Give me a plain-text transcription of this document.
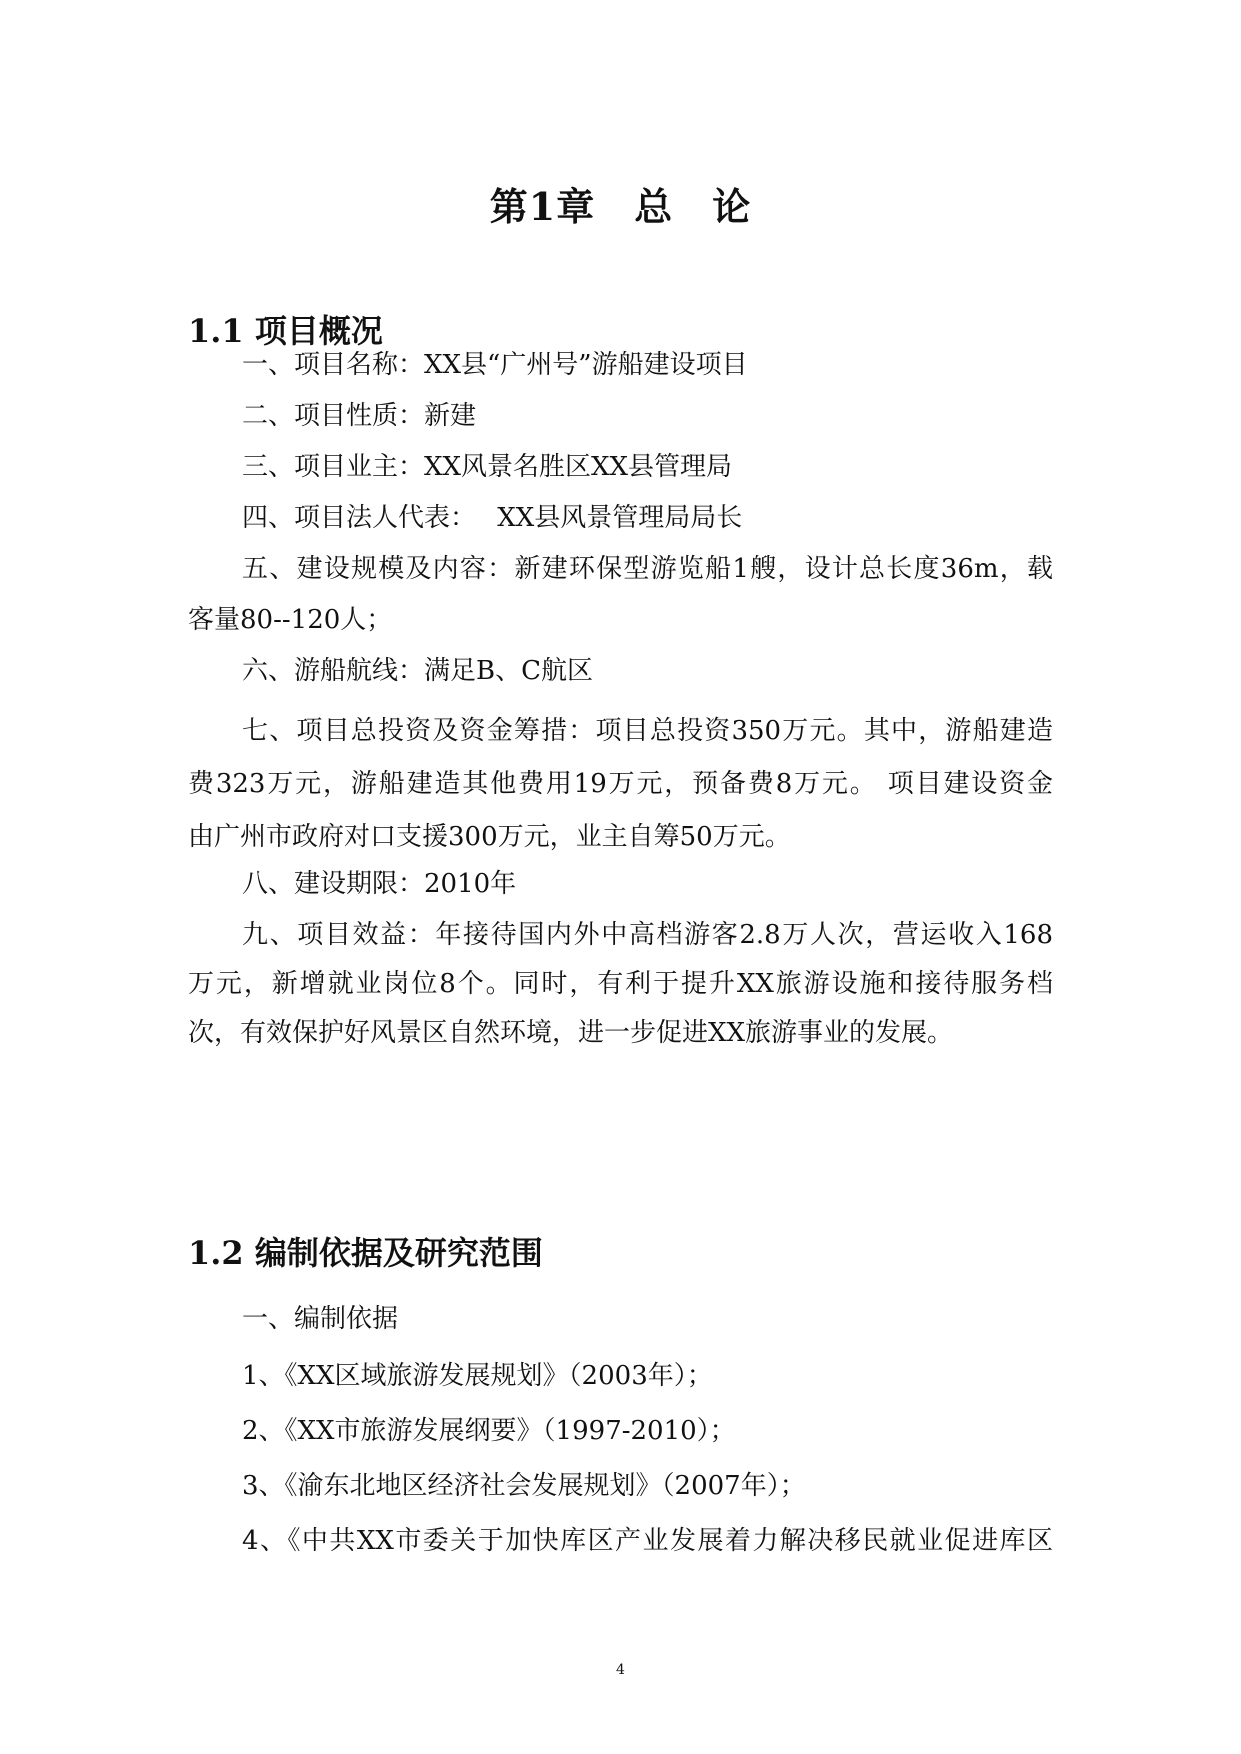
第1章　总　论
1.1 项目概况
一、项目名称：XX县“广州号”游船建设项目
二、项目性质：新建
三、项目业主：XX风景名胜区XX县管理局
四、项目法人代表：　 XX县风景管理局局长
五、建设规模及内容：新建环保型游览船1艘，设计总长度36m，载
客量80--120人；
六、游船航线：满足B、C航区
七、项目总投资及资金筹措：项目总投资350万元。其中，游船建造
费323万元，游船建造其他费用19万元，预备费8万元。 项目建设资金
由广州市政府对口支援300万元，业主自筹50万元。
八、建设期限：2010年
九、项目效益：年接待国内外中高档游客2.8万人次，营运收入168
万元，新增就业岗位8个。同时，有利于提升XX旅游设施和接待服务档
次，有效保护好风景区自然环境，进一步促进XX旅游事业的发展。
1.2 编制依据及研究范围
一、编制依据
1、《XX区域旅游发展规划》（2003年）；
2、《XX市旅游发展纲要》（1997-2010）；
3、《渝东北地区经济社会发展规划》（2007年）；
4、《中共XX市委关于加快库区产业发展着力解决移民就业促进库区
4
